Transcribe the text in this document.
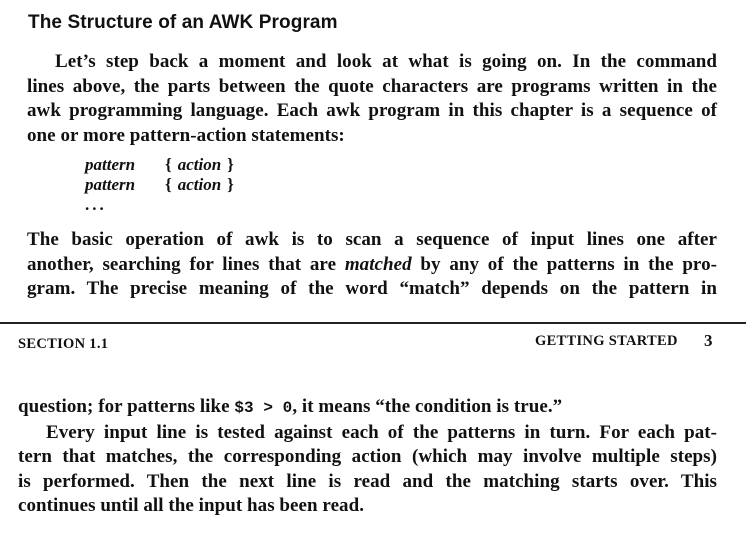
The Structure of an AWK Program
Let’s step back a moment and look at what is going on. In the command
lines above, the parts between the quote characters are programs written in the
awk programming language. Each awk program in this chapter is a sequence of
one or more pattern-action statements:
pattern { action }
pattern { action }
...
The basic operation of awk is to scan a sequence of input lines one after
another, searching for lines that are matched by any of the patterns in the pro-
gram. The precise meaning of the word “match” depends on the pattern in
SECTION 1.1	GETTING STARTED 3
question; for patterns like $3 > 0, it means “the condition is true.”
Every input line is tested against each of the patterns in turn. For each pat-
tern that matches, the corresponding action (which may involve multiple steps)
is performed. Then the next line is read and the matching starts over. This
continues until all the input has been read.
